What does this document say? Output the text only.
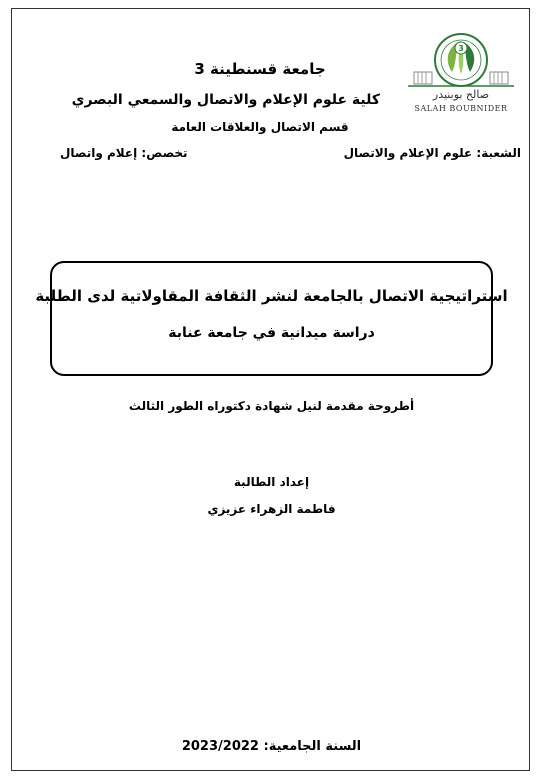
3
صالح بوبنيدر
SALAH BOUBNIDER
جامعة قسنطينة 3
كلية علوم الإعلام والاتصال والسمعي البصري
قسم الاتصال والعلاقات العامة
الشعبة: علوم الإعلام والاتصال
تخصص: إعلام واتصال
استراتيجية الاتصال بالجامعة لنشر الثقافة المقاولاتية لدى الطلبة
دراسة ميدانية في جامعة عنابة
أطروحة مقدمة لنيل شهادة دكتوراه الطور الثالث
إعداد الطالبة
فاطمة الزهراء عزيزي
السنة الجامعية: 2023/2022
